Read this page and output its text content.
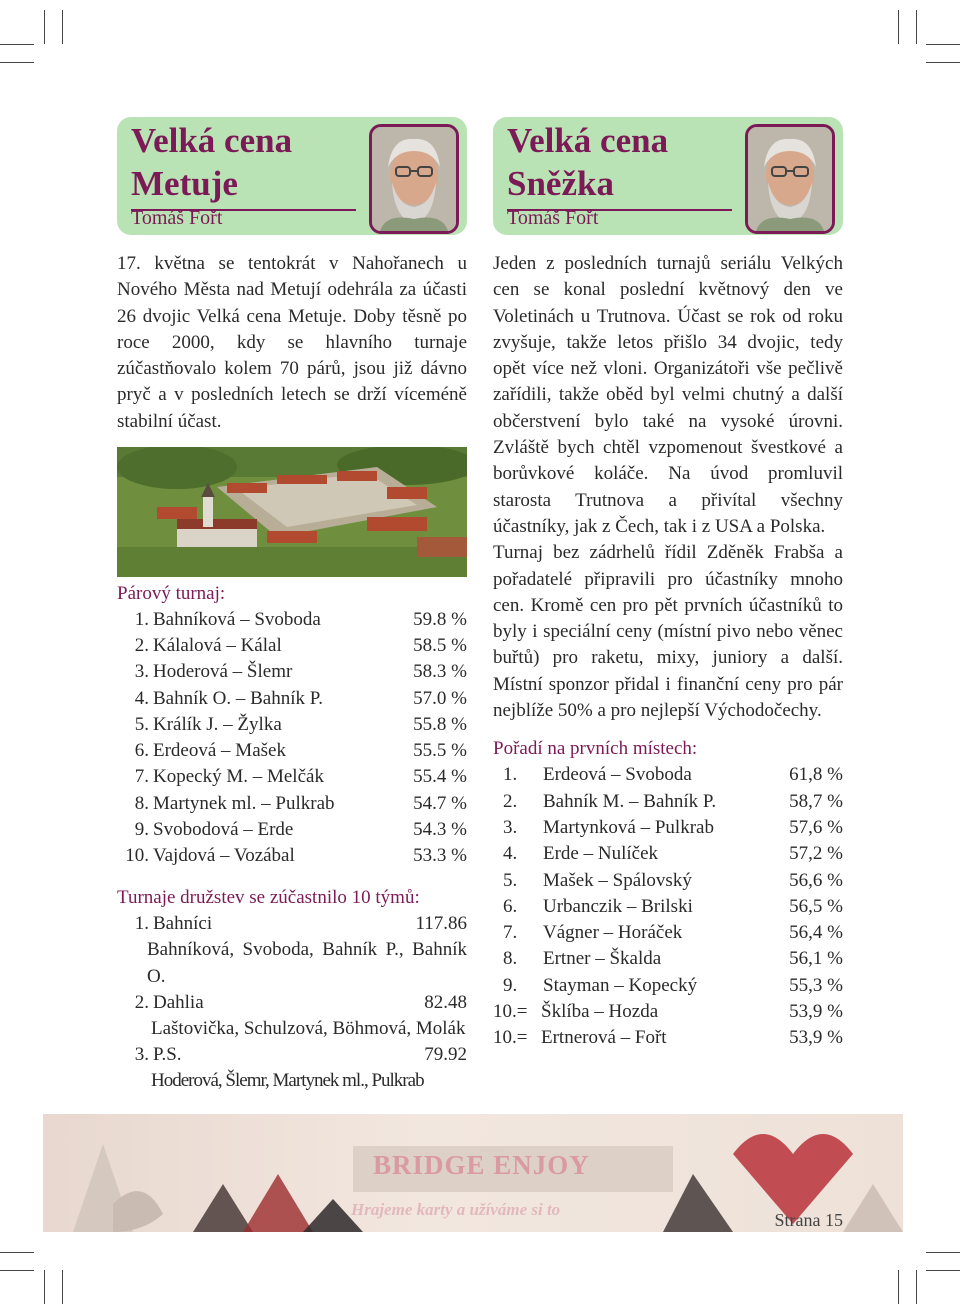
Velká cena Metuje
Tomáš Fořt

17. května se tentokrát v Nahořanech u Nového Města nad Metují odehrála za účasti 26 dvojic Velká cena Metuje. Doby těsně po roce 2000, kdy se hlavního turnaje zúčastňovalo kolem 70 párů, jsou již dávno pryč a v posledních letech se drží víceméně stabilní účast.

Párový turnaj:
1. Bahníková – Svoboda	59.8 %
2. Kálalová – Kálal	58.5 %
3. Hoderová – Šlemr	58.3 %
4. Bahník O. – Bahník P.	57.0 %
5. Králík J. – Žylka	55.8 %
6. Erdeová – Mašek	55.5 %
7. Kopecký M. – Melčák	55.4 %
8. Martynek ml. – Pulkrab	54.7 %
9. Svobodová – Erde	54.3 %
10. Vajdová – Vozábal	53.3 %
Turnaje družstev se zúčastnilo 10 týmů:
1. Bahníci	117.86
Bahníková, Svoboda, Bahník P., Bahník O.
2. Dahlia	82.48
Laštovička, Schulzová, Böhmová, Molák
3. P.S.	79.92
Hoderová, Šlemr, Martynek ml., Pulkrab
Velká cena Sněžka
Tomáš Fořt

Jeden z posledních turnajů seriálu Velkých cen se konal poslední květnový den ve Voletinách u Trutnova. Účast se rok od roku zvyšuje, takže letos přišlo 34 dvojic, tedy opět více než vloni. Organizátoři vše pečlivě zařídili, takže oběd byl velmi chutný a další občerstvení bylo také na vysoké úrovni. Zvláště bych chtěl vzpomenout švestkové a borůvkové koláče. Na úvod promluvil starosta Trutnova a přivítal všechny účastníky, jak z Čech, tak i z USA a Polska.

Turnaj bez zádrhelů řídil Zděněk Frabša a pořadatelé připravili pro účastníky mnoho cen. Kromě cen pro pět prvních účastníků to byly i speciální ceny (místní pivo nebo věnec buřtů) pro raketu, mixy, juniory a další. Místní sponzor přidal i finanční ceny pro pár nejblíže 50% a pro nejlepší Východočechy.

Pořadí na prvních místech:
1.	Erdeová – Svoboda	61,8 %
2.	Bahník M. – Bahník P.	58,7 %
3.	Martynková – Pulkrab	57,6 %
4.	Erde – Nulíček	57,2 %
5.	Mašek – Spálovský	56,6 %
6.	Urbanczik – Brilski	56,5 %
7.	Vágner – Horáček	56,4 %
8.	Ertner – Škalda	56,1 %
9.	Stayman – Kopecký	55,3 %
10.= Šklíba – Hozda	53,9 %
10.= Ertnerová – Fořt	53,9 %
BRIDGE ENJOY
Hrajeme karty a užíváme si to
Strana 15
